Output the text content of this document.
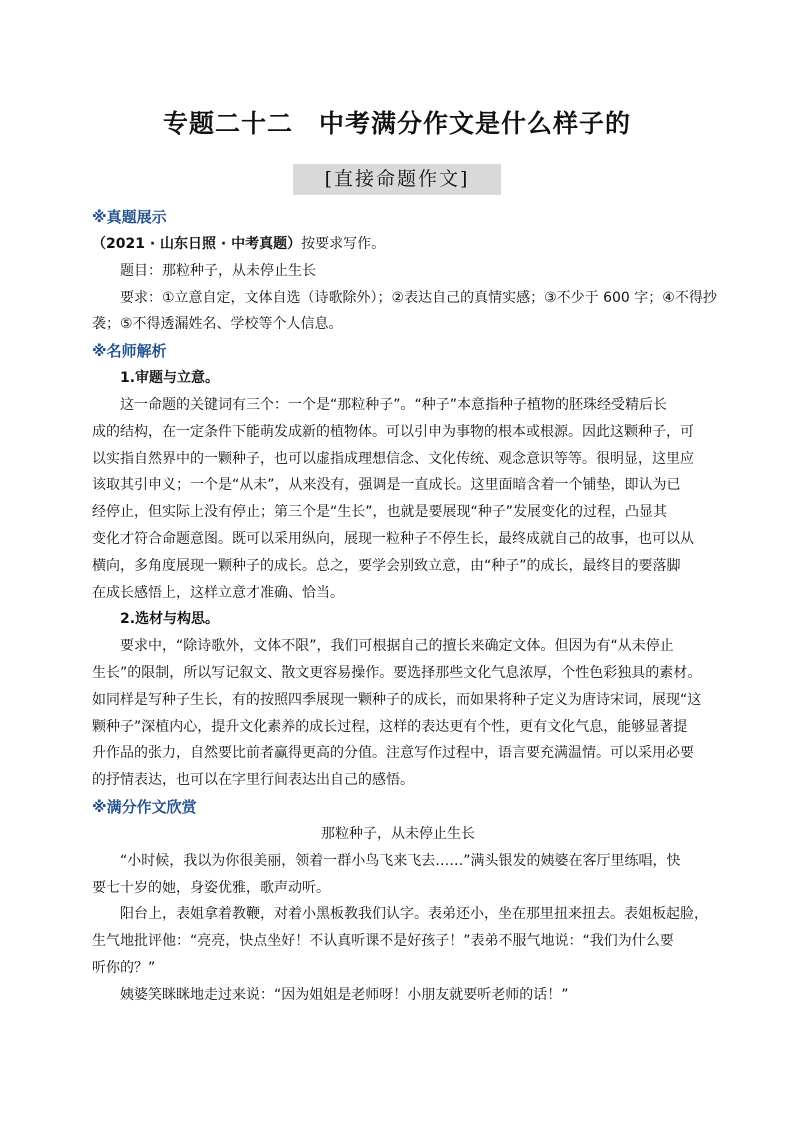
专题二十二　中考满分作文是什么样子的
[直接命题作文]
※真题展示
（2021 · 山东日照 · 中考真题）按要求写作。
题目：那粒种子，从未停止生长
要求：①立意自定，文体自选（诗歌除外）；②表达自己的真情实感；③不少于 600 字；④不得抄
袭；⑤不得透漏姓名、学校等个人信息。
※名师解析
1.审题与立意。
这一命题的关键词有三个：一个是“那粒种子”。“种子”本意指种子植物的胚珠经受精后长
成的结构，在一定条件下能萌发成新的植物体。可以引申为事物的根本或根源。因此这颗种子，可
以实指自然界中的一颗种子，也可以虚指成理想信念、文化传统、观念意识等等。很明显，这里应
该取其引申义；一个是“从未”，从来没有，强调是一直成长。这里面暗含着一个铺垫，即认为已
经停止，但实际上没有停止；第三个是“生长”，也就是要展现“种子”发展变化的过程，凸显其
变化才符合命题意图。既可以采用纵向，展现一粒种子不停生长，最终成就自己的故事，也可以从
横向，多角度展现一颗种子的成长。总之，要学会别致立意，由“种子”的成长，最终目的要落脚
在成长感悟上，这样立意才准确、恰当。
2.选材与构思。
要求中，“除诗歌外，文体不限”，我们可根据自己的擅长来确定文体。但因为有“从未停止
生长”的限制，所以写记叙文、散文更容易操作。要选择那些文化气息浓厚，个性色彩独具的素材。
如同样是写种子生长，有的按照四季展现一颗种子的成长，而如果将种子定义为唐诗宋词，展现“这
颗种子”深植内心，提升文化素养的成长过程，这样的表达更有个性，更有文化气息，能够显著提
升作品的张力，自然要比前者赢得更高的分值。注意写作过程中，语言要充满温情。可以采用必要
的抒情表达，也可以在字里行间表达出自己的感悟。
※满分作文欣赏
那粒种子，从未停止生长
“小时候，我以为你很美丽，领着一群小鸟飞来飞去……”满头银发的姨婆在客厅里练唱，快
要七十岁的她，身姿优雅，歌声动听。
阳台上，表姐拿着教鞭，对着小黑板教我们认字。表弟还小，坐在那里扭来扭去。表姐板起脸，
生气地批评他：“亮亮，快点坐好！不认真听课不是好孩子！”表弟不服气地说：“我们为什么要
听你的？”
姨婆笑眯眯地走过来说：“因为姐姐是老师呀！小朋友就要听老师的话！”
